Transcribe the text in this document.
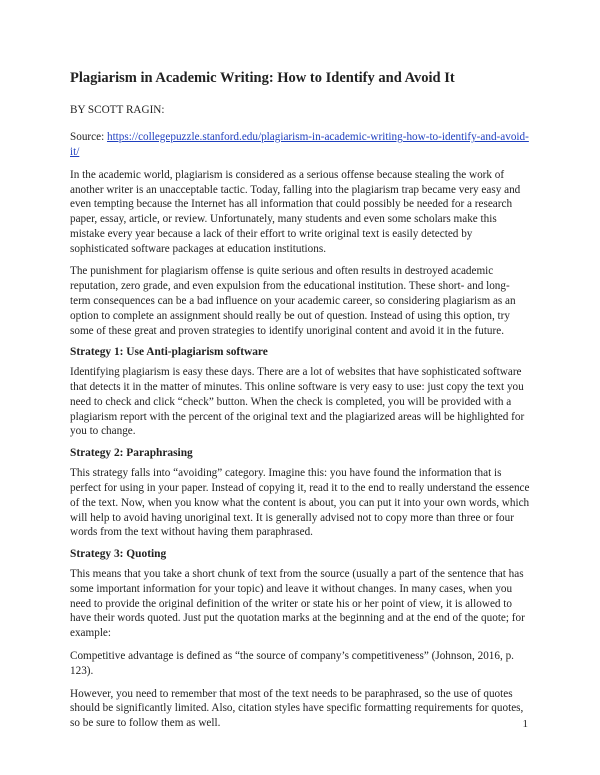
Plagiarism in Academic Writing: How to Identify and Avoid It

BY SCOTT RAGIN:

Source: https://collegepuzzle.stanford.edu/plagiarism-in-academic-writing-how-to-identify-and-avoid-it/

In the academic world, plagiarism is considered as a serious offense because stealing the work of another writer is an unacceptable tactic. Today, falling into the plagiarism trap became very easy and even tempting because the Internet has all information that could possibly be needed for a research paper, essay, article, or review. Unfortunately, many students and even some scholars make this mistake every year because a lack of their effort to write original text is easily detected by sophisticated software packages at education institutions.

The punishment for plagiarism offense is quite serious and often results in destroyed academic reputation, zero grade, and even expulsion from the educational institution. These short- and long-term consequences can be a bad influence on your academic career, so considering plagiarism as an option to complete an assignment should really be out of question. Instead of using this option, try some of these great and proven strategies to identify unoriginal content and avoid it in the future.

Strategy 1: Use Anti-plagiarism software

Identifying plagiarism is easy these days. There are a lot of websites that have sophisticated software that detects it in the matter of minutes. This online software is very easy to use: just copy the text you need to check and click “check” button. When the check is completed, you will be provided with a plagiarism report with the percent of the original text and the plagiarized areas will be highlighted for you to change.

Strategy 2: Paraphrasing

This strategy falls into “avoiding” category. Imagine this: you have found the information that is perfect for using in your paper. Instead of copying it, read it to the end to really understand the essence of the text. Now, when you know what the content is about, you can put it into your own words, which will help to avoid having unoriginal text. It is generally advised not to copy more than three or four words from the text without having them paraphrased.

Strategy 3: Quoting

This means that you take a short chunk of text from the source (usually a part of the sentence that has some important information for your topic) and leave it without changes. In many cases, when you need to provide the original definition of the writer or state his or her point of view, it is allowed to have their words quoted. Just put the quotation marks at the beginning and at the end of the quote; for example:

Competitive advantage is defined as “the source of company’s competitiveness” (Johnson, 2016, p. 123).

However, you need to remember that most of the text needs to be paraphrased, so the use of quotes should be significantly limited. Also, citation styles have specific formatting requirements for quotes, so be sure to follow them as well.	1
